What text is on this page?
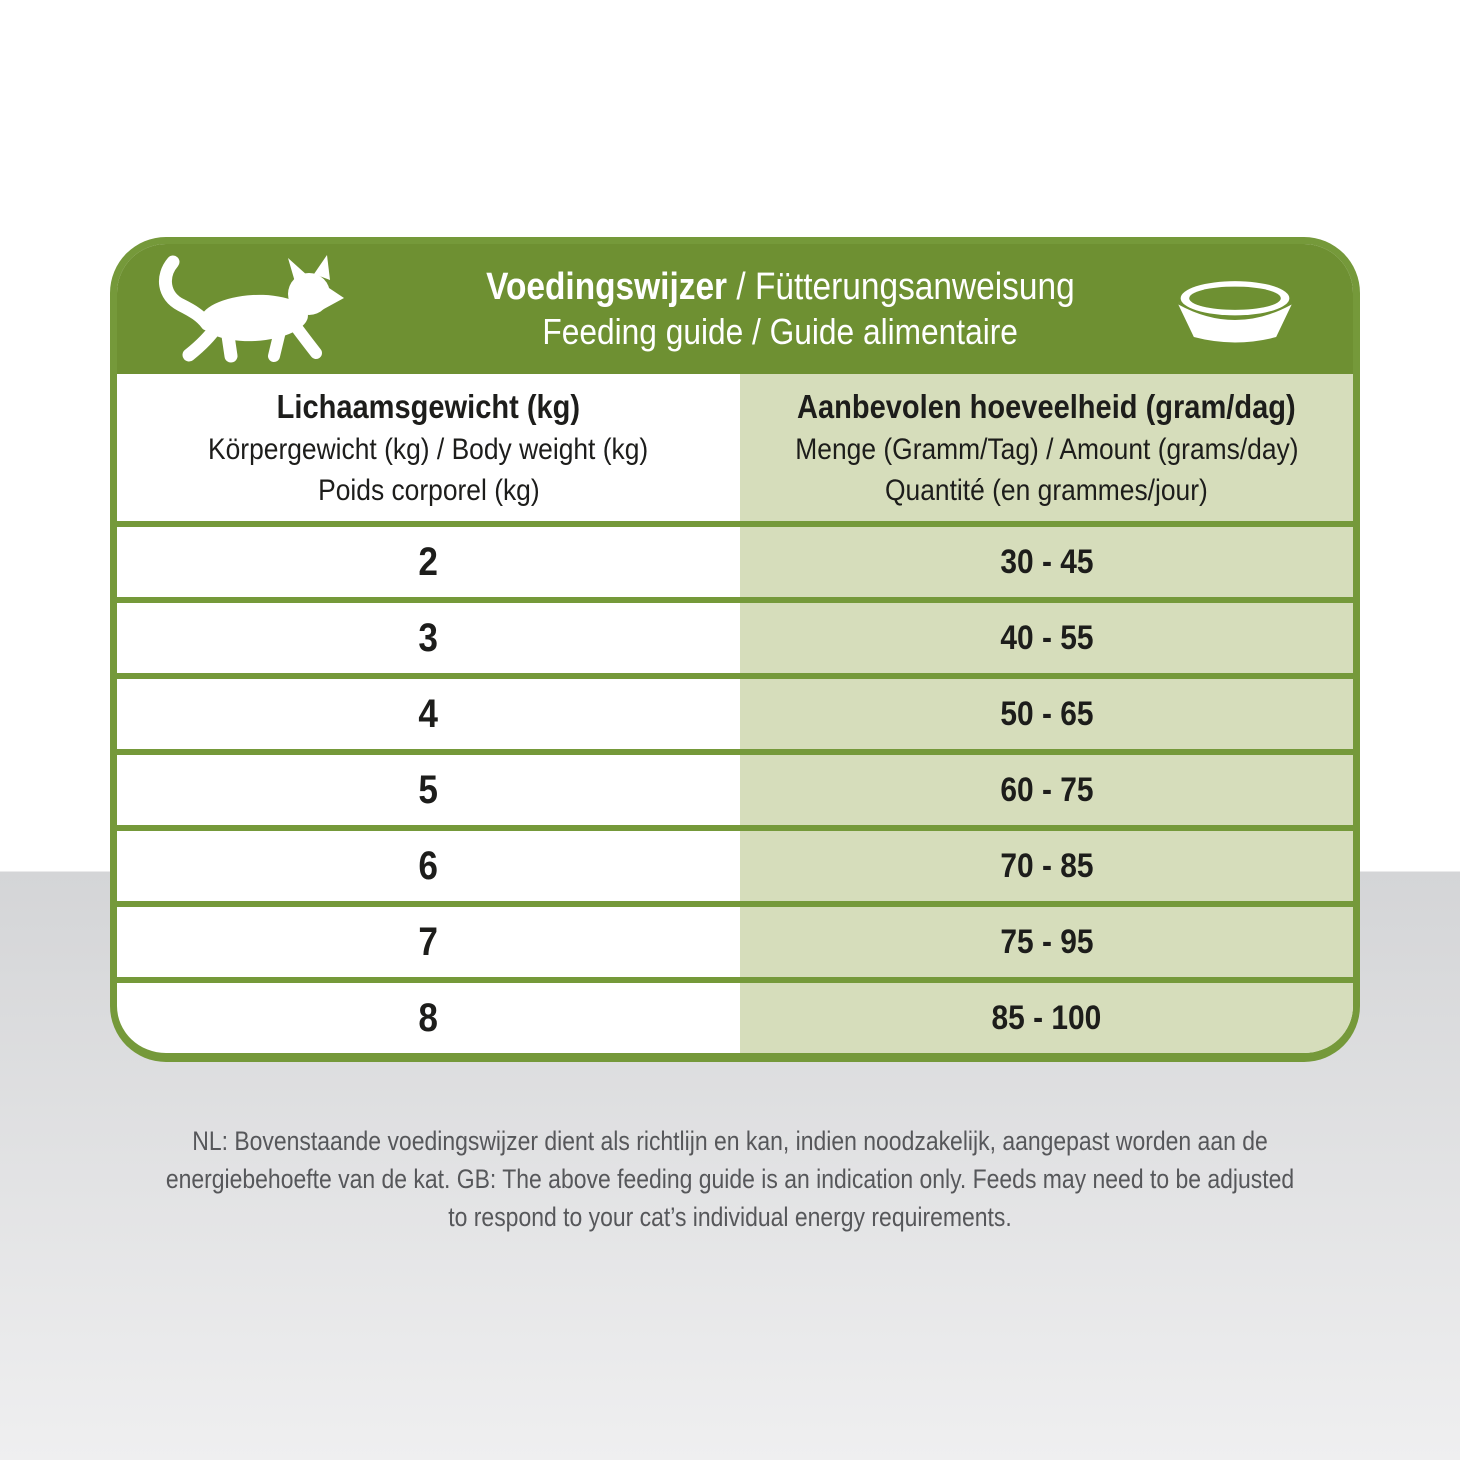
Voedingswijzer / Fütterungsanweisung
Feeding guide / Guide alimentaire
Lichaamsgewicht (kg)
Körpergewicht (kg) / Body weight (kg)
Poids corporel (kg)
Aanbevolen hoeveelheid (gram/dag)
Menge (Gramm/Tag) / Amount (grams/day)
Quantité (en grammes/jour)
2	30 - 45
3	40 - 55
4	50 - 65
5	60 - 75
6	70 - 85
7	75 - 95
8	85 - 100
NL: Bovenstaande voedingswijzer dient als richtlijn en kan, indien noodzakelijk, aangepast worden aan de
energiebehoefte van de kat. GB: The above feeding guide is an indication only. Feeds may need to be adjusted
to respond to your cat’s individual energy requirements.
